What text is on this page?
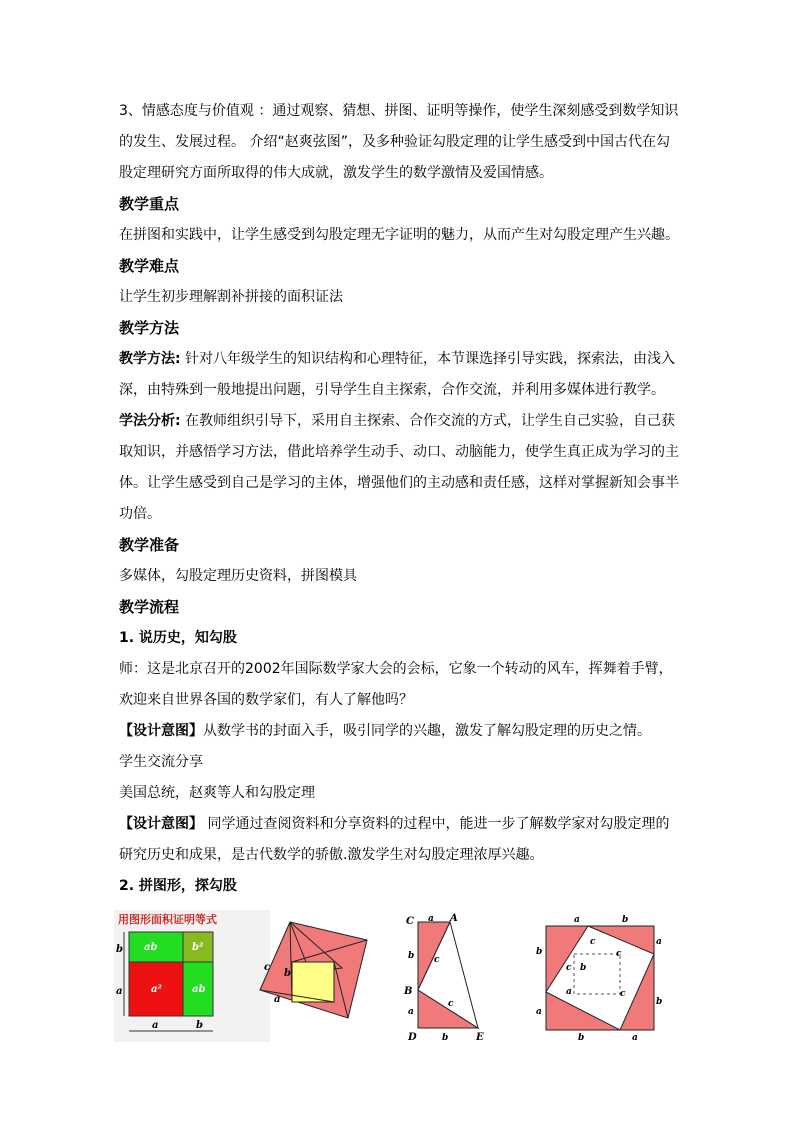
3、情感态度与价值观 ：通过观察、猜想、拼图、证明等操作，使学生深刻感受到数学知识的发生、发展过程。 介绍“赵爽弦图”，及多种验证勾股定理的让学生感受到中国古代在勾股定理研究方面所取得的伟大成就，激发学生的数学激情及爱国情感。

教学重点

在拼图和实践中，让学生感受到勾股定理无字证明的魅力，从而产生对勾股定理产生兴趣。

教学难点

让学生初步理解割补拼接的面积证法

教学方法

教学方法: 针对八年级学生的知识结构和心理特征，本节课选择引导实践，探索法，由浅入深，由特殊到一般地提出问题，引导学生自主探索，合作交流，并利用多媒体进行教学。

学法分析: 在教师组织引导下，采用自主探索、合作交流的方式，让学生自己实验，自己获取知识，并感悟学习方法，借此培养学生动手、动口、动脑能力，使学生真正成为学习的主体。让学生感受到自己是学习的主体，增强他们的主动感和责任感，这样对掌握新知会事半功倍。

教学准备

多媒体，勾股定理历史资料，拼图模具

教学流程

1. 说历史，知勾股

师：这是北京召开的2002年国际数学家大会的会标，它象一个转动的风车，挥舞着手臂，欢迎来自世界各国的数学家们，有人了解他吗？

【设计意图】从数学书的封面入手，吸引同学的兴趣，激发了解勾股定理的历史之情。

学生交流分享

美国总统，赵爽等人和勾股定理

【设计意图】 同学通过查阅资料和分享资料的过程中，能进一步了解数学家对勾股定理的研究历史和成果，是古代数学的骄傲.激发学生对勾股定理浓厚兴趣。

2. 拼图形，探勾股

用图形面积证明等式
ab	b²
a²	ab
b
a
a	b
c
b
a
C a A
b c
B
c
a
D	b	E
a	b
b
a
c
c
c b
a	c
a
b
b	a
